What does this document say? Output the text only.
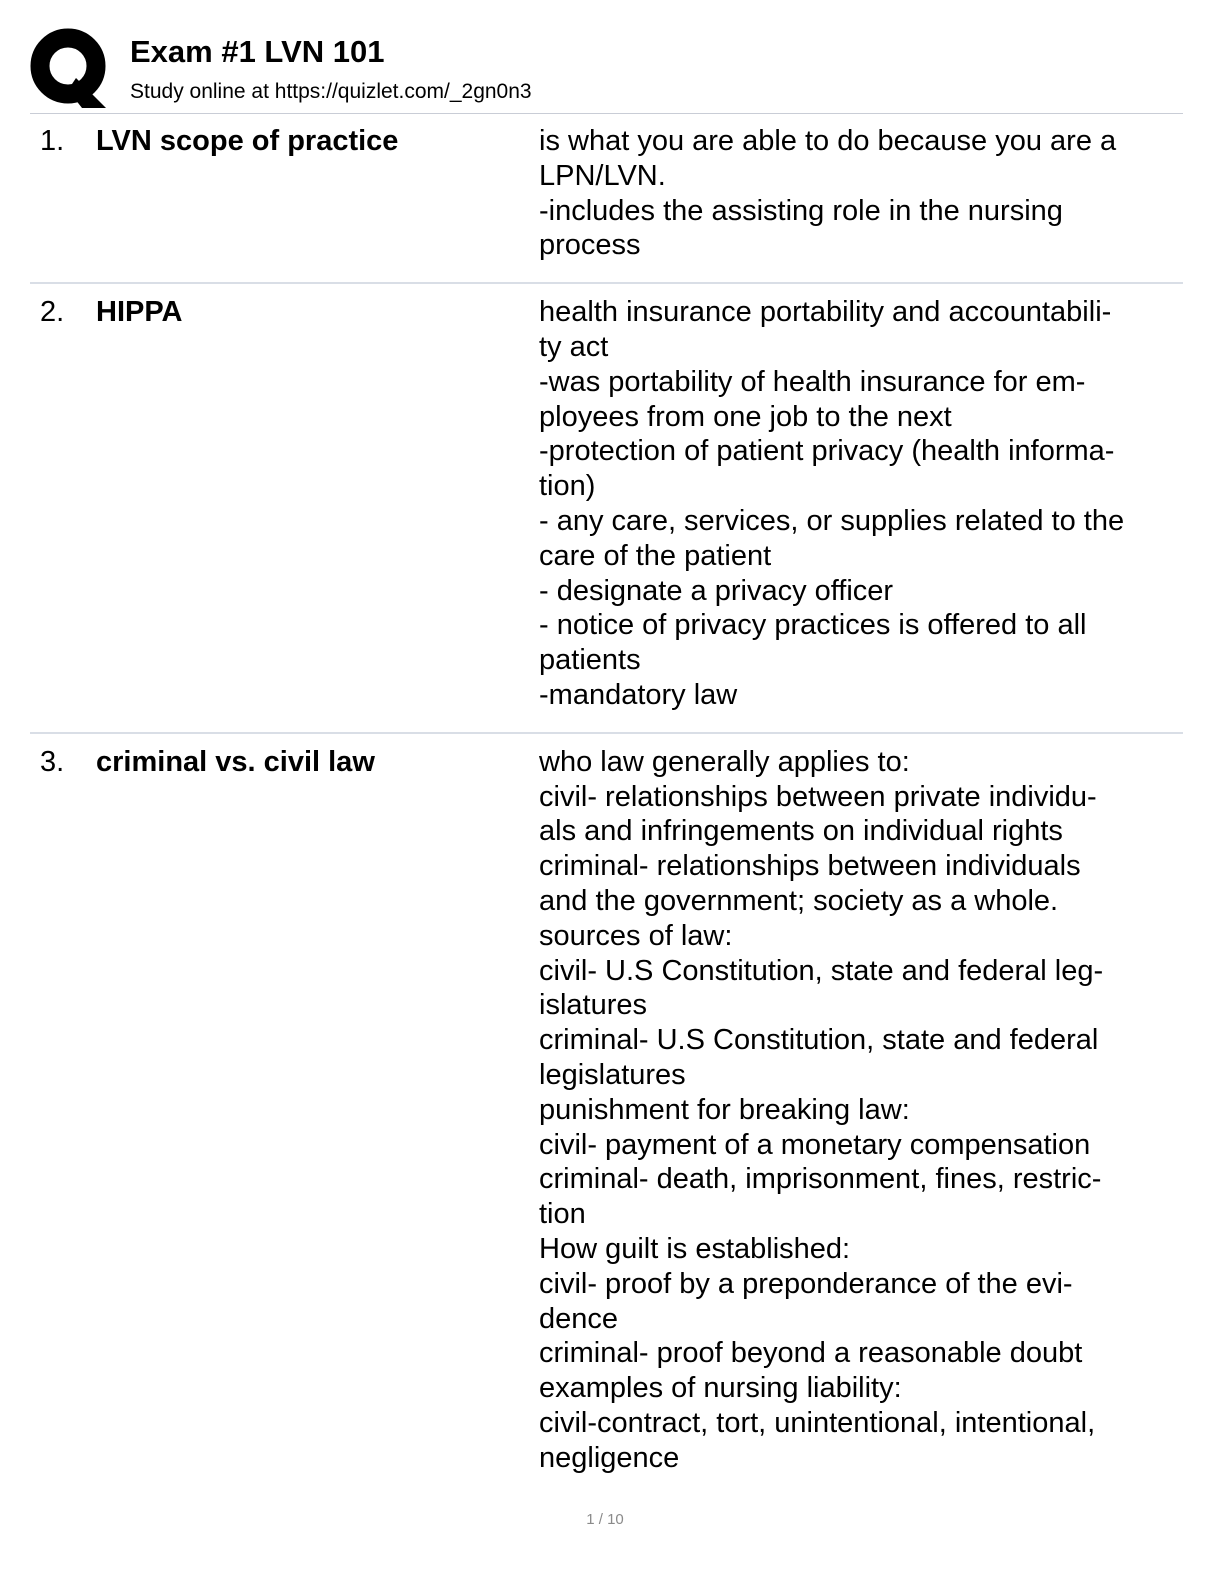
Exam #1 LVN 101
Study online at https://quizlet.com/_2gn0n3
1.	LVN scope of practice	is what you are able to do because you are a
LPN/LVN.
-includes the assisting role in the nursing
process
2.	HIPPA	health insurance portability and accountabili-
ty act
-was portability of health insurance for em-
ployees from one job to the next
-protection of patient privacy (health informa-
tion)
- any care, services, or supplies related to the
care of the patient
- designate a privacy officer
- notice of privacy practices is offered to all
patients
-mandatory law
3.	criminal vs. civil law	who law generally applies to:
civil- relationships between private individu-
als and infringements on individual rights
criminal- relationships between individuals
and the government; society as a whole.
sources of law:
civil- U.S Constitution, state and federal leg-
islatures
criminal- U.S Constitution, state and federal
legislatures
punishment for breaking law:
civil- payment of a monetary compensation
criminal- death, imprisonment, fines, restric-
tion
How guilt is established:
civil- proof by a preponderance of the evi-
dence
criminal- proof beyond a reasonable doubt
examples of nursing liability:
civil-contract, tort, unintentional, intentional,
negligence
1 / 10
